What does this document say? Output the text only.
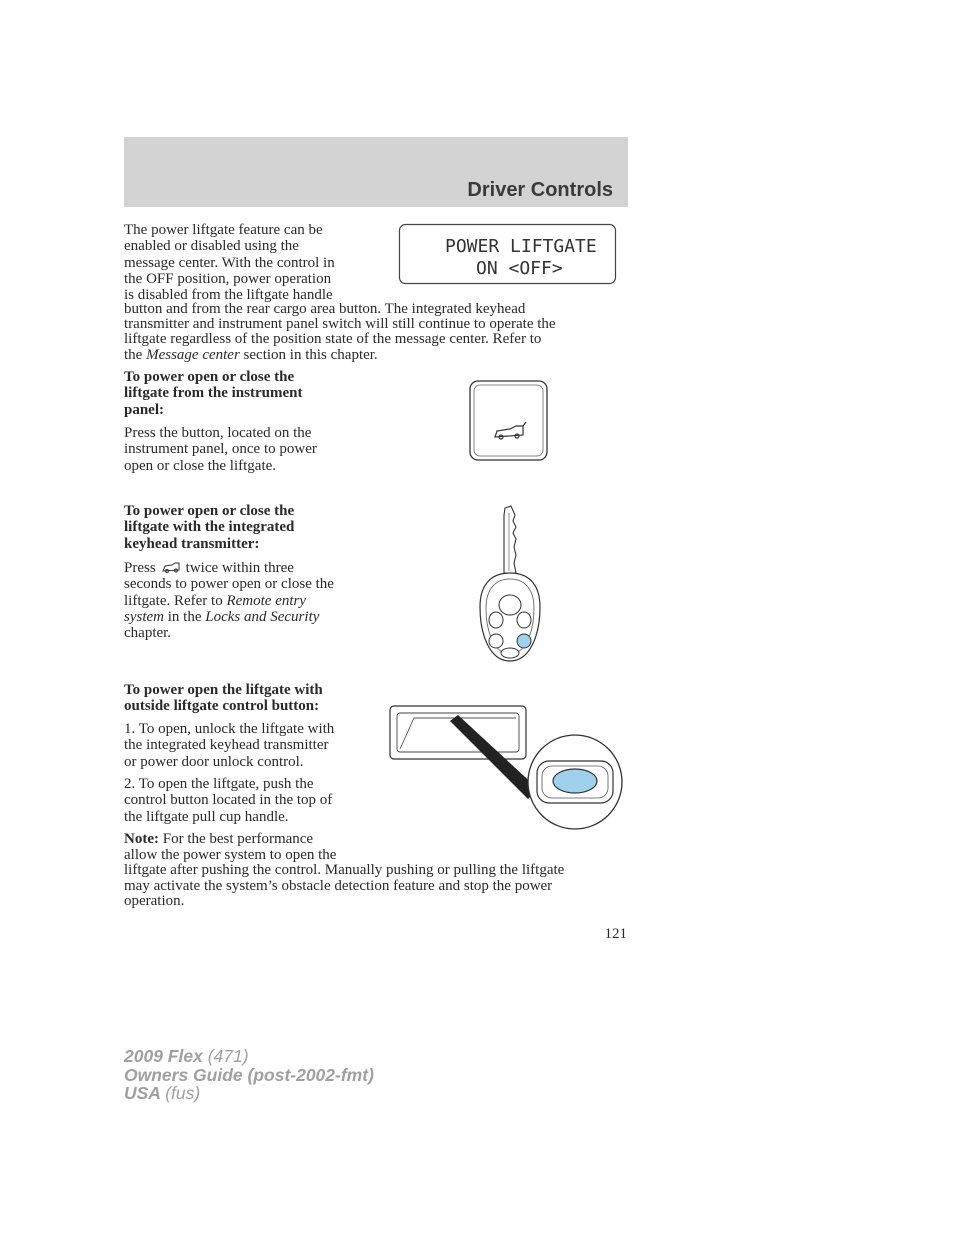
Driver Controls
The power liftgate feature can be
enabled or disabled using the
message center. With the control in
the OFF position, power operation
is disabled from the liftgate handle
button and from the rear cargo area button. The integrated keyhead
transmitter and instrument panel switch will still continue to operate the
liftgate regardless of the position state of the message center. Refer to
the Message center section in this chapter.
POWER LIFTGATE
ON <OFF>
To power open or close the
liftgate from the instrument
panel:
Press the button, located on the
instrument panel, once to power
open or close the liftgate.
To power open or close the
liftgate with the integrated
keyhead transmitter:
Press twice within three
seconds to power open or close the
liftgate. Refer to Remote entry
system in the Locks and Security
chapter.
To power open the liftgate with
outside liftgate control button:
1. To open, unlock the liftgate with
the integrated keyhead transmitter
or power door unlock control.
2. To open the liftgate, push the
control button located in the top of
the liftgate pull cup handle.
Note: For the best performance
allow the power system to open the
liftgate after pushing the control. Manually pushing or pulling the liftgate
may activate the system’s obstacle detection feature and stop the power
operation.
121
2009 Flex (471)
Owners Guide (post-2002-fmt)
USA (fus)
